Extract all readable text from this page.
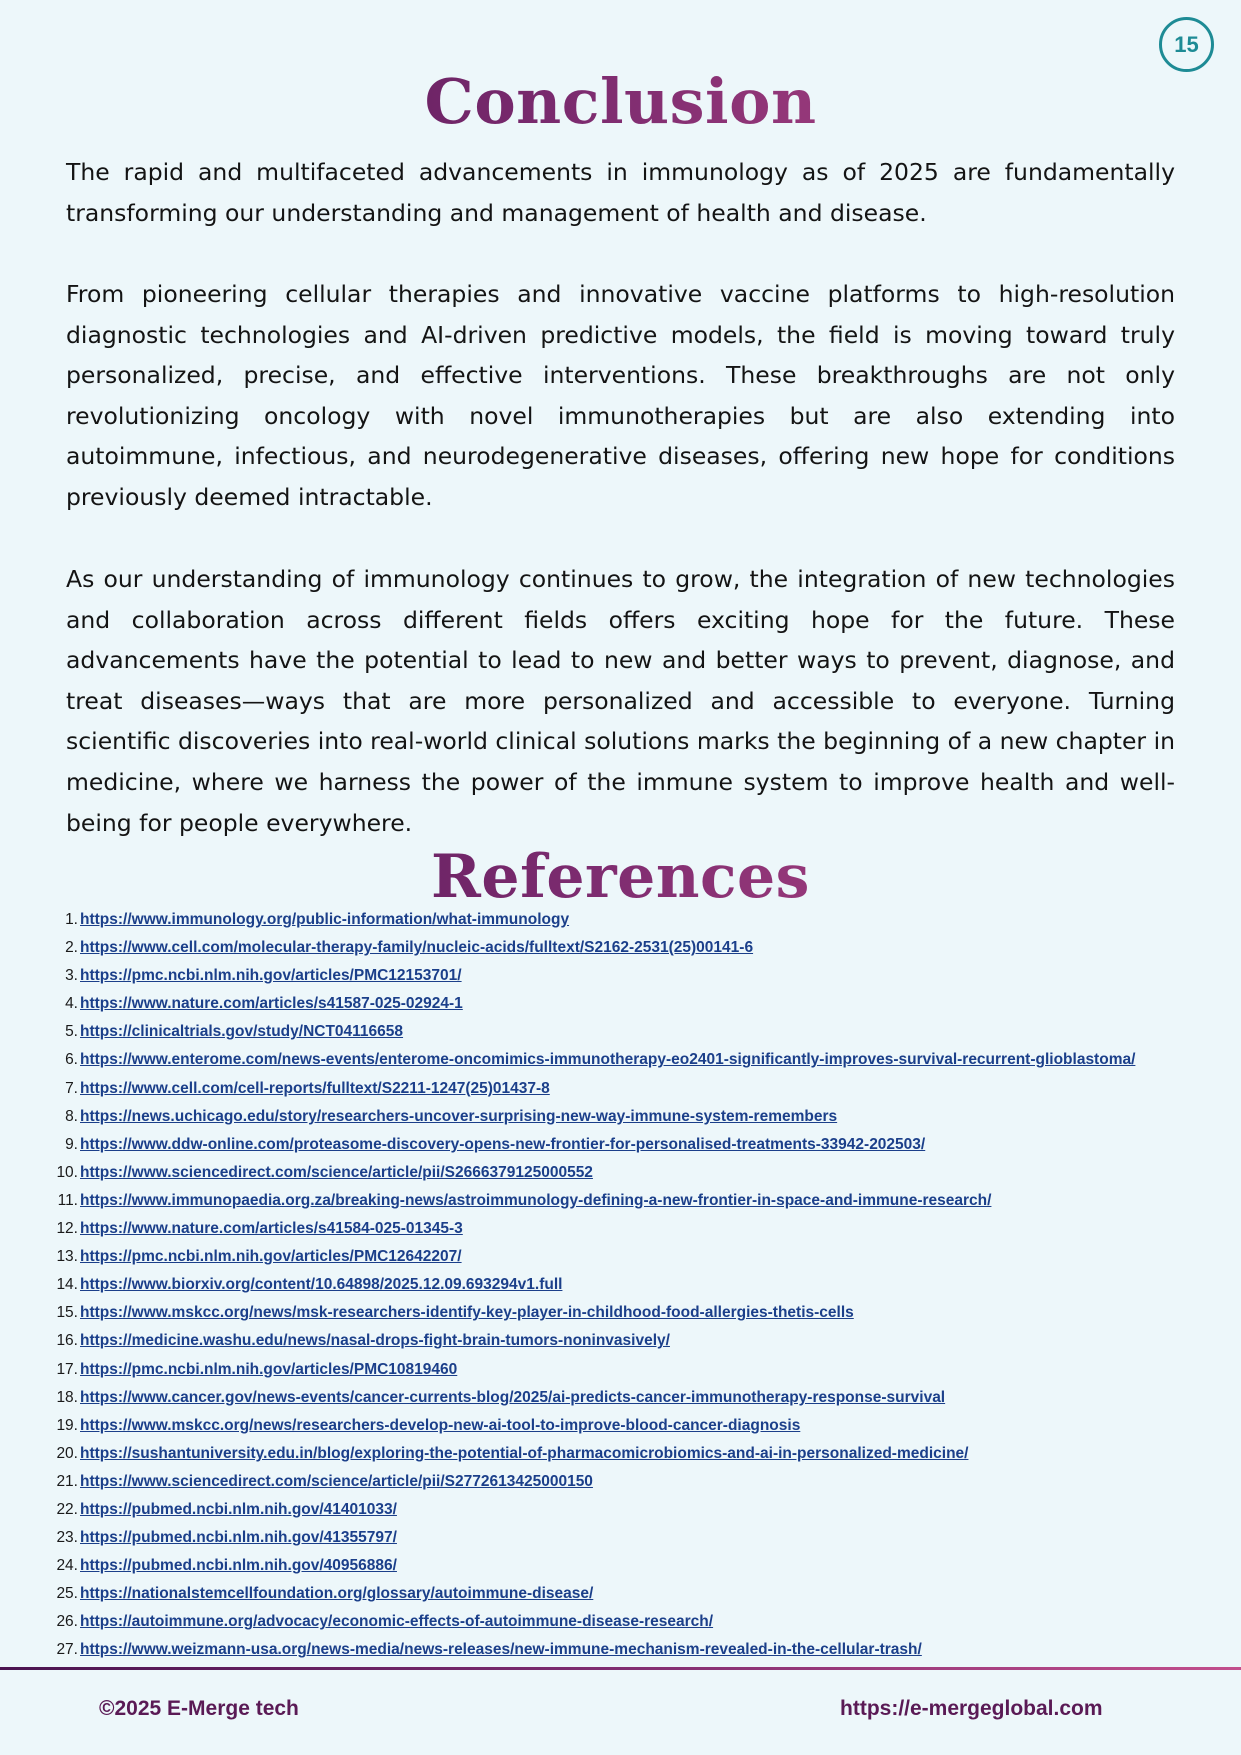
15
Conclusion

The rapid and multifaceted advancements in immunology as of 2025 are fundamentally transforming our understanding and management of health and disease.

From pioneering cellular therapies and innovative vaccine platforms to high-resolution diagnostic technologies and AI-driven predictive models, the field is moving toward truly personalized, precise, and effective interventions. These breakthroughs are not only revolutionizing oncology with novel immunotherapies but are also extending into autoimmune, infectious, and neurodegenerative diseases, offering new hope for conditions previously deemed intractable.

As our understanding of immunology continues to grow, the integration of new technologies and collaboration across different fields offers exciting hope for the future. These advancements have the potential to lead to new and better ways to prevent, diagnose, and treat diseases—ways that are more personalized and accessible to everyone. Turning scientific discoveries into real-world clinical solutions marks the beginning of a new chapter in medicine, where we harness the power of the immune system to improve health and well-being for people everywhere.

References
1. https://www.immunology.org/public-information/what-immunology
2. https://www.cell.com/molecular-therapy-family/nucleic-acids/fulltext/S2162-2531(25)00141-6
3. https://pmc.ncbi.nlm.nih.gov/articles/PMC12153701/
4. https://www.nature.com/articles/s41587-025-02924-1
5. https://clinicaltrials.gov/study/NCT04116658
6. https://www.enterome.com/news-events/enterome-oncomimics-immunotherapy-eo2401-significantly-improves-survival-recurrent-glioblastoma/
7. https://www.cell.com/cell-reports/fulltext/S2211-1247(25)01437-8
8. https://news.uchicago.edu/story/researchers-uncover-surprising-new-way-immune-system-remembers
9. https://www.ddw-online.com/proteasome-discovery-opens-new-frontier-for-personalised-treatments-33942-202503/
10. https://www.sciencedirect.com/science/article/pii/S2666379125000552
11. https://www.immunopaedia.org.za/breaking-news/astroimmunology-defining-a-new-frontier-in-space-and-immune-research/
12. https://www.nature.com/articles/s41584-025-01345-3
13. https://pmc.ncbi.nlm.nih.gov/articles/PMC12642207/
14. https://www.biorxiv.org/content/10.64898/2025.12.09.693294v1.full
15. https://www.mskcc.org/news/msk-researchers-identify-key-player-in-childhood-food-allergies-thetis-cells
16. https://medicine.washu.edu/news/nasal-drops-fight-brain-tumors-noninvasively/
17. https://pmc.ncbi.nlm.nih.gov/articles/PMC10819460
18. https://www.cancer.gov/news-events/cancer-currents-blog/2025/ai-predicts-cancer-immunotherapy-response-survival
19. https://www.mskcc.org/news/researchers-develop-new-ai-tool-to-improve-blood-cancer-diagnosis
20. https://sushantuniversity.edu.in/blog/exploring-the-potential-of-pharmacomicrobiomics-and-ai-in-personalized-medicine/
21. https://www.sciencedirect.com/science/article/pii/S2772613425000150
22. https://pubmed.ncbi.nlm.nih.gov/41401033/
23. https://pubmed.ncbi.nlm.nih.gov/41355797/
24. https://pubmed.ncbi.nlm.nih.gov/40956886/
25. https://nationalstemcellfoundation.org/glossary/autoimmune-disease/
26. https://autoimmune.org/advocacy/economic-effects-of-autoimmune-disease-research/
27. https://www.weizmann-usa.org/news-media/news-releases/new-immune-mechanism-revealed-in-the-cellular-trash/
©2025 E-Merge tech	https://e-mergeglobal.com
